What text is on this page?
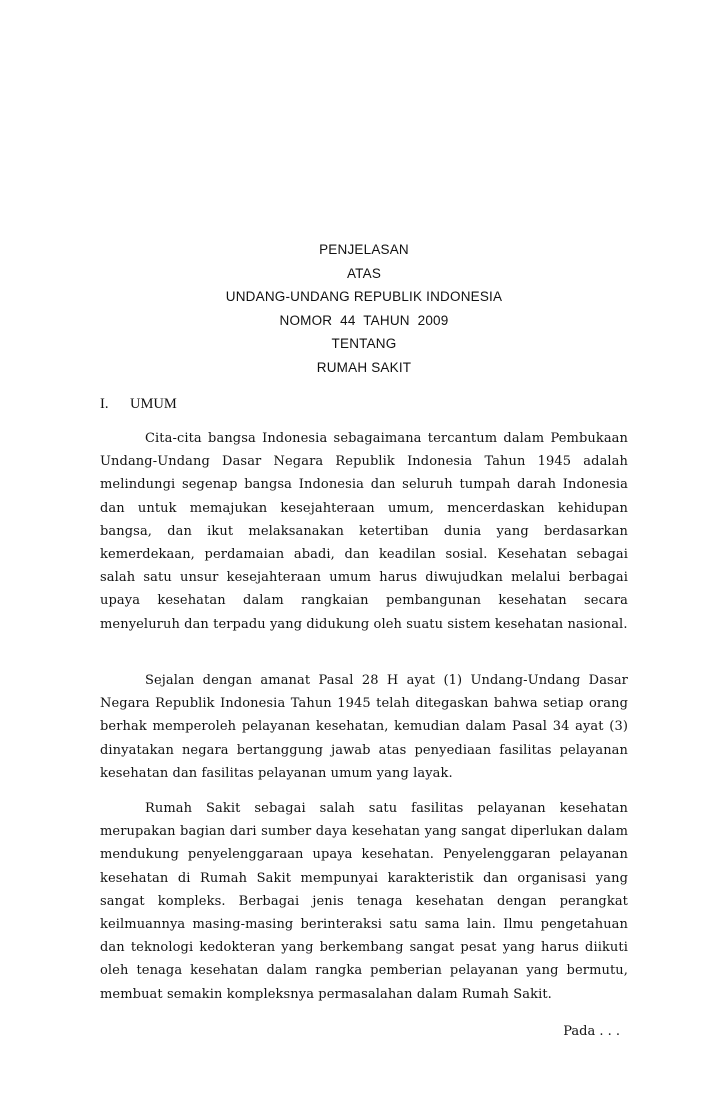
PENJELASAN
ATAS
UNDANG-UNDANG REPUBLIK INDONESIA
NOMOR  44  TAHUN  2009
TENTANG
RUMAH SAKIT
I. UMUM

Cita-cita bangsa Indonesia sebagaimana tercantum dalam Pembukaan Undang-Undang Dasar Negara Republik Indonesia Tahun 1945 adalah melindungi segenap bangsa Indonesia dan seluruh tumpah darah Indonesia dan untuk memajukan kesejahteraan umum, mencerdaskan kehidupan bangsa, dan ikut melaksanakan ketertiban dunia yang berdasarkan kemerdekaan, perdamaian abadi, dan keadilan sosial. Kesehatan sebagai salah satu unsur kesejahteraan umum harus diwujudkan melalui berbagai upaya kesehatan dalam rangkaian pembangunan kesehatan secara menyeluruh dan terpadu yang didukung oleh suatu sistem kesehatan nasional.

Sejalan dengan amanat Pasal 28 H ayat (1) Undang-Undang Dasar Negara Republik Indonesia Tahun 1945 telah ditegaskan bahwa setiap orang berhak memperoleh pelayanan kesehatan, kemudian dalam Pasal 34 ayat (3) dinyatakan negara bertanggung jawab atas penyediaan fasilitas pelayanan kesehatan dan fasilitas pelayanan umum yang layak.

Rumah Sakit sebagai salah satu fasilitas pelayanan kesehatan merupakan bagian dari sumber daya kesehatan yang sangat diperlukan dalam mendukung penyelenggaraan upaya kesehatan. Penyelenggaran pelayanan kesehatan di Rumah Sakit mempunyai karakteristik dan organisasi yang sangat kompleks. Berbagai jenis tenaga kesehatan dengan perangkat keilmuannya masing-masing berinteraksi satu sama lain. Ilmu pengetahuan dan teknologi kedokteran yang berkembang sangat pesat yang harus diikuti oleh tenaga kesehatan dalam rangka pemberian pelayanan yang bermutu, membuat semakin kompleksnya permasalahan dalam Rumah Sakit.

Pada . . .
